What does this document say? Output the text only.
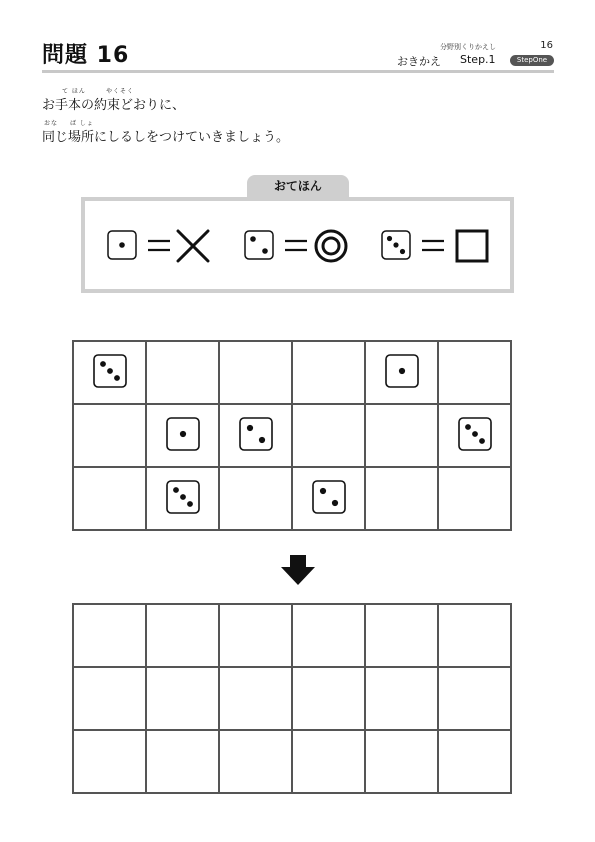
問題 16	分野別くりかえし	16
おきかえ Step.1	StepOne
て ほん	やくそく
お手本の約束どおりに、
おな ば しょ
同じ場所にしるしをつけていきましょう。
おてほん
